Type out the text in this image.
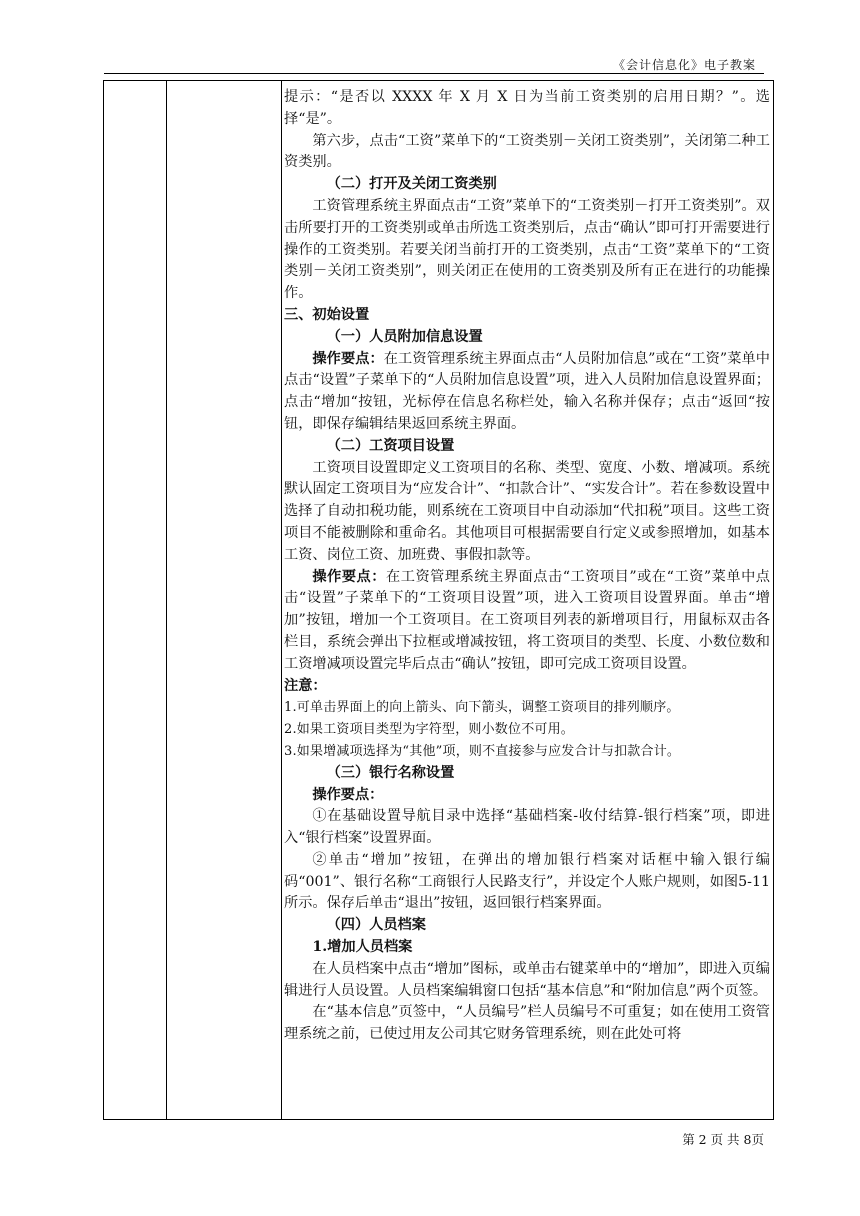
《会计信息化》电子教案

提示：“是否以 XXXX 年 X 月 X 日为当前工资类别的启用日期？”。选择“是”。

第六步，点击“工资”菜单下的“工资类别－关闭工资类别”，关闭第二种工资类别。

（二）打开及关闭工资类别

工资管理系统主界面点击“工资”菜单下的“工资类别－打开工资类别”。双击所要打开的工资类别或单击所选工资类别后，点击“确认”即可打开需要进行操作的工资类别。若要关闭当前打开的工资类别，点击“工资”菜单下的“工资类别－关闭工资类别”，则关闭正在使用的工资类别及所有正在进行的功能操作。

三、初始设置

（一）人员附加信息设置

操作要点：在工资管理系统主界面点击“人员附加信息”或在“工资”菜单中点击“设置”子菜单下的“人员附加信息设置”项，进入人员附加信息设置界面；点击“增加“按钮，光标停在信息名称栏处，输入名称并保存；点击“返回“按钮，即保存编辑结果返回系统主界面。

（二）工资项目设置

工资项目设置即定义工资项目的名称、类型、宽度、小数、增减项。系统默认固定工资项目为“应发合计”、“扣款合计”、“实发合计”。若在参数设置中选择了自动扣税功能，则系统在工资项目中自动添加“代扣税”项目。这些工资项目不能被删除和重命名。其他项目可根据需要自行定义或参照增加，如基本工资、岗位工资、加班费、事假扣款等。

操作要点：在工资管理系统主界面点击“工资项目”或在“工资”菜单中点击“设置”子菜单下的“工资项目设置”项，进入工资项目设置界面。单击“增加”按钮，增加一个工资项目。在工资项目列表的新增项目行，用鼠标双击各栏目，系统会弹出下拉框或增减按钮，将工资项目的类型、长度、小数位数和工资增减项设置完毕后点击“确认”按钮，即可完成工资项目设置。

注意：

1.可单击界面上的向上箭头、向下箭头，调整工资项目的排列顺序。

2.如果工资项目类型为字符型，则小数位不可用。

3.如果增减项选择为“其他”项，则不直接参与应发合计与扣款合计。

（三）银行名称设置

操作要点：

①在基础设置导航目录中选择“基础档案-收付结算-银行档案”项，即进入“银行档案”设置界面。

②单击“增加”按钮，在弹出的增加银行档案对话框中输入银行编码“001”、银行名称“工商银行人民路支行”，并设定个人账户规则，如图5-11所示。保存后单击“退出”按钮，返回银行档案界面。

（四）人员档案

1.增加人员档案

在人员档案中点击“增加”图标，或单击右键菜单中的“增加”，即进入页编辑进行人员设置。人员档案编辑窗口包括“基本信息”和“附加信息”两个页签。

在“基本信息”页签中，“人员编号”栏人员编号不可重复；如在使用工资管理系统之前，已使过用友公司其它财务管理系统，则在此处可将

第 2 页 共 8页
